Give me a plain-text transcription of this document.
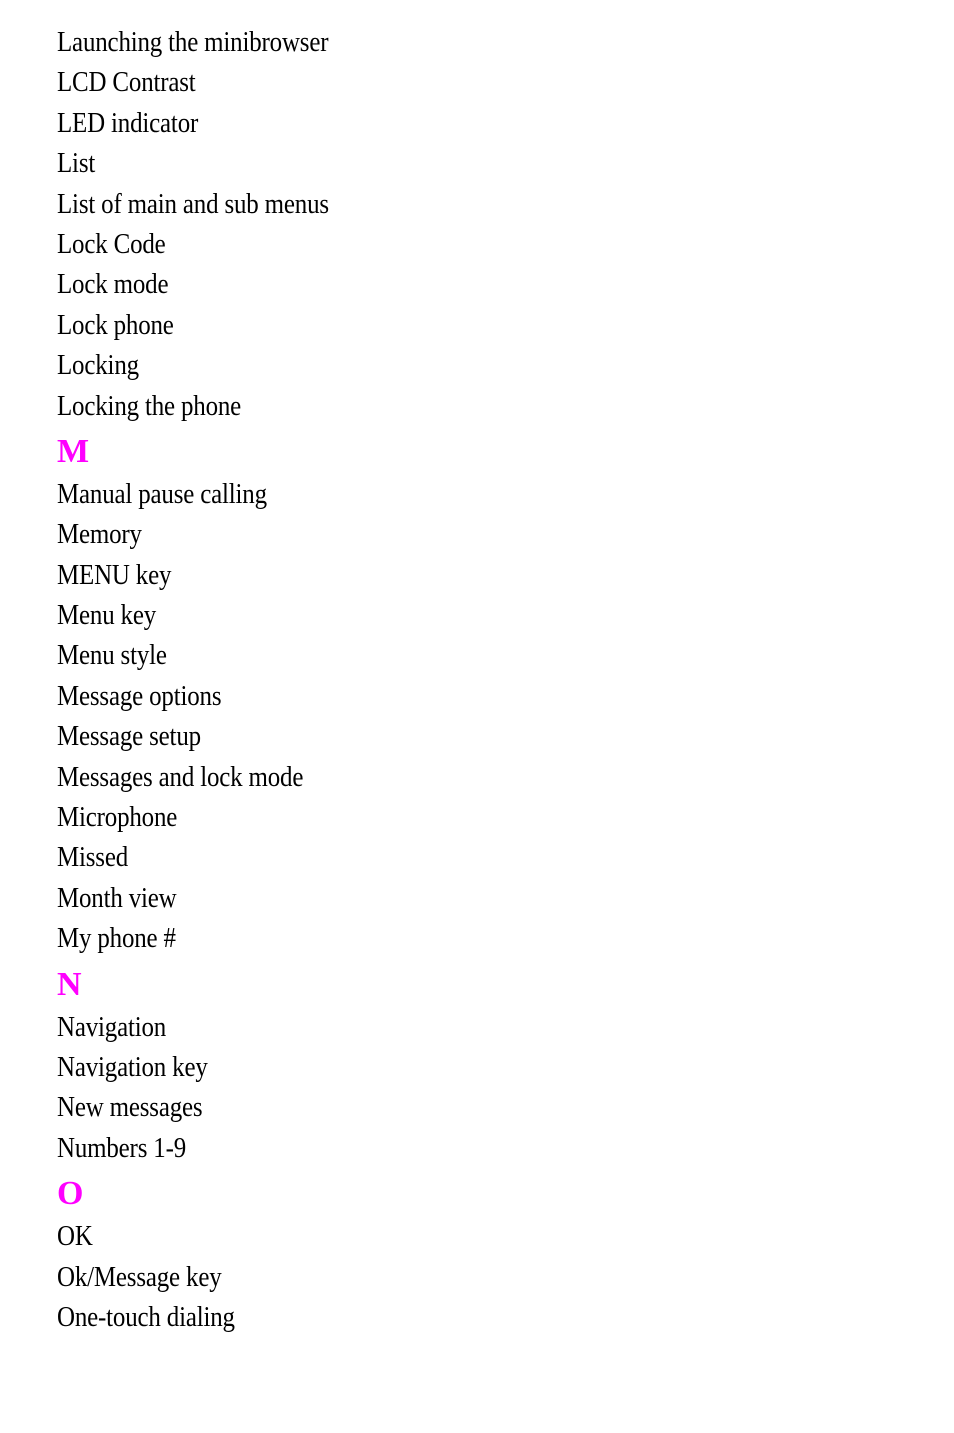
Launching the minibrowser
LCD Contrast
LED indicator
List
List of main and sub menus
Lock Code
Lock mode
Lock phone
Locking
Locking the phone
M
Manual pause calling
Memory
MENU key
Menu key
Menu style
Message options
Message setup
Messages and lock mode
Microphone
Missed
Month view
My phone #
N
Navigation
Navigation key
New messages
Numbers 1-9
O
OK
Ok/Message key
One-touch dialing
